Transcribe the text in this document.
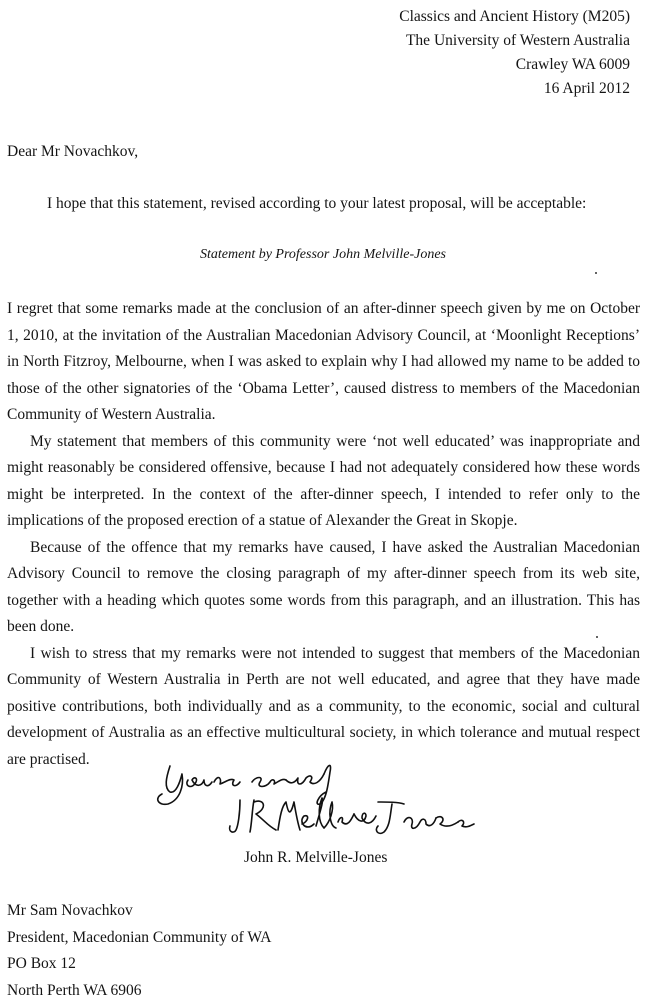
Classics and Ancient History (M205)
The University of Western Australia
Crawley WA 6009
16 April 2012
Dear Mr Novachkov,
I hope that this statement, revised according to your latest proposal, will be acceptable:
Statement by Professor John Melville-Jones

I regret that some remarks made at the conclusion of an after-dinner speech given by me on October 1, 2010, at the invitation of the Australian Macedonian Advisory Council, at ‘Moonlight Receptions’ in North Fitzroy, Melbourne, when I was asked to explain why I had allowed my name to be added to those of the other signatories of the ‘Obama Letter’, caused distress to members of the Macedonian Community of Western Australia.

My statement that members of this community were ‘not well educated’ was inappropriate and might reasonably be considered offensive, because I had not adequately considered how these words might be interpreted. In the context of the after-dinner speech, I intended to refer only to the implications of the proposed erection of a statue of Alexander the Great in Skopje.

Because of the offence that my remarks have caused, I have asked the Australian Macedonian Advisory Council to remove the closing paragraph of my after-dinner speech from its web site, together with a heading which quotes some words from this paragraph, and an illustration. This has been done.

I wish to stress that my remarks were not intended to suggest that members of the Macedonian Community of Western Australia in Perth are not well educated, and agree that they have made positive contributions, both individually and as a community, to the economic, social and cultural development of Australia as an effective multicultural society, in which tolerance and mutual respect are practised.

John R. Melville-Jones
Mr Sam Novachkov
President, Macedonian Community of WA
PO Box 12
North Perth WA 6906
